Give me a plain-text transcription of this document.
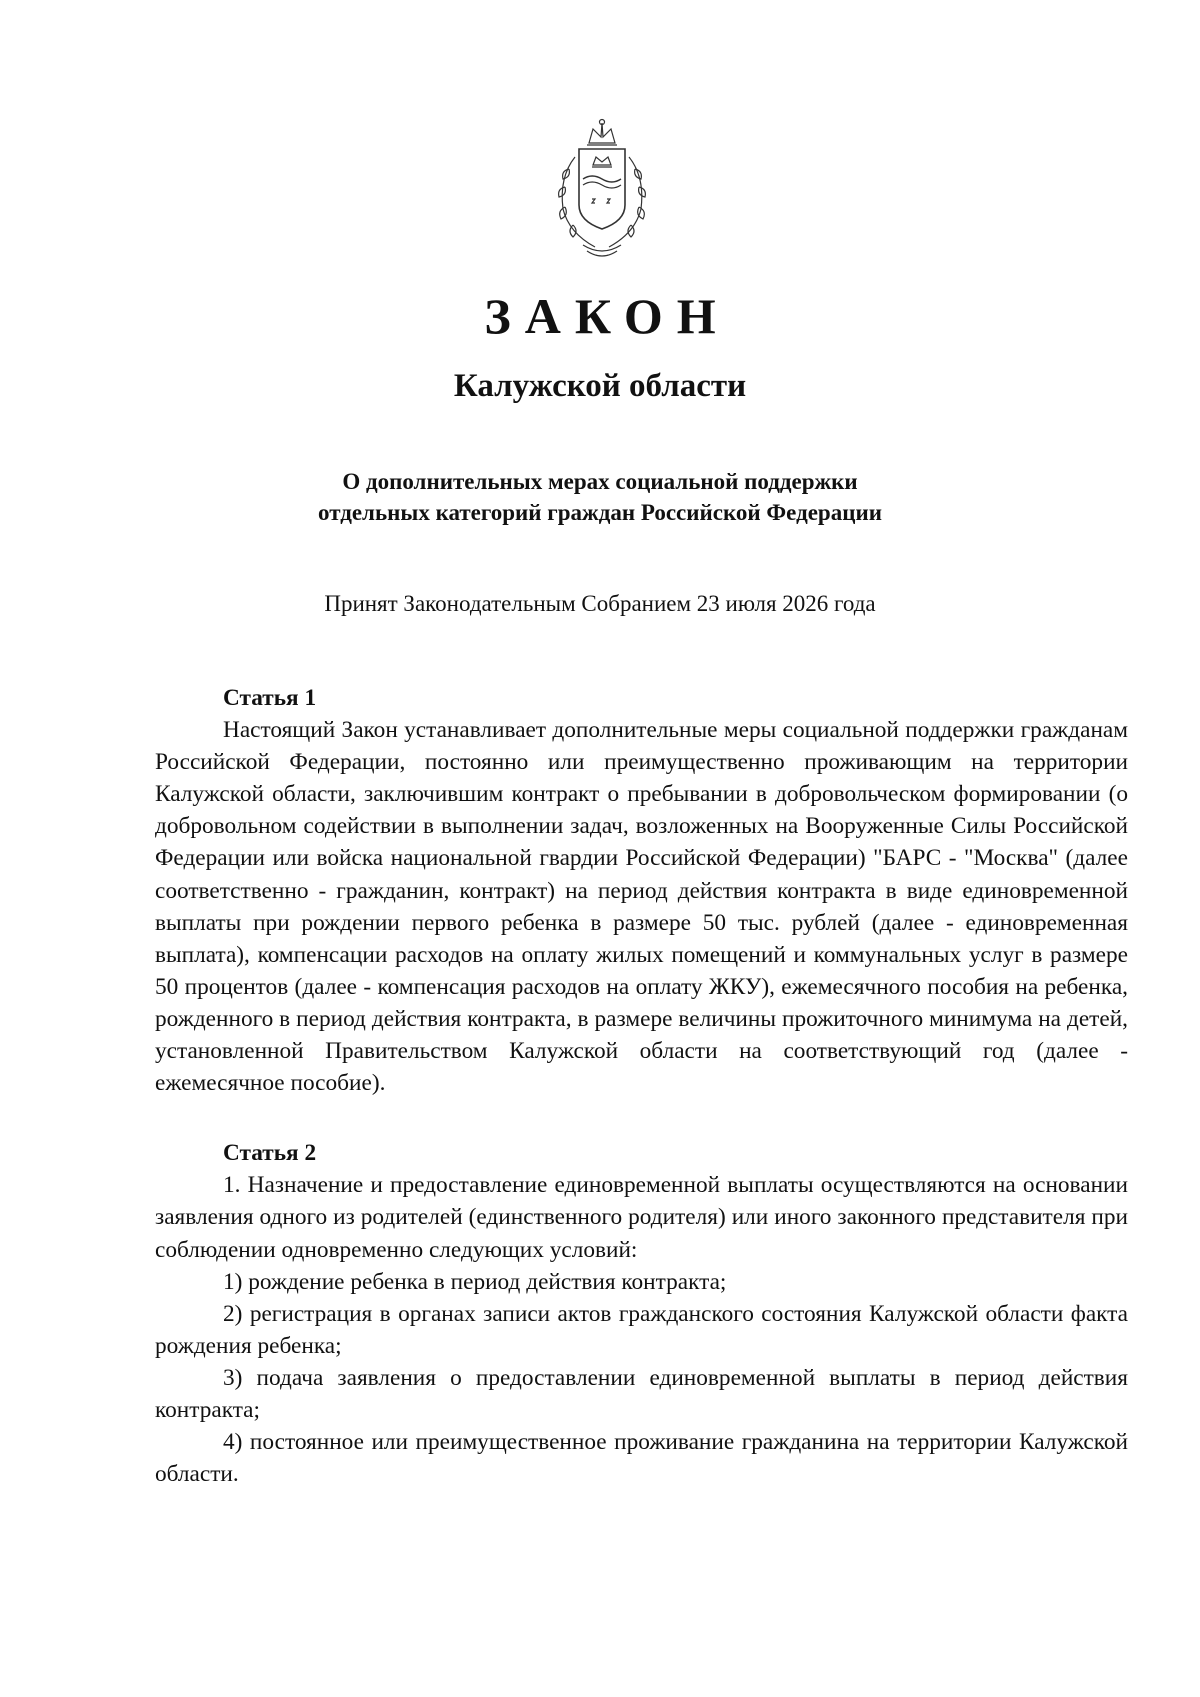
ЗАКОН
Калужской области
О дополнительных мерах социальной поддержки
отдельных категорий граждан Российской Федерации
Принят Законодательным Собранием 23 июля 2026 года

Статья 1

Настоящий Закон устанавливает дополнительные меры социальной поддержки гражданам Российской Федерации, постоянно или преимущественно проживающим на территории Калужской области, заключившим контракт о пребывании в добровольческом формировании (о добровольном содействии в выполнении задач, возложенных на Вооруженные Силы Российской Федерации или войска национальной гвардии Российской Федерации) "БАРС - "Москва" (далее соответственно - гражданин, контракт) на период действия контракта в виде единовременной выплаты при рождении первого ребенка в размере 50 тыс. рублей (далее - единовременная выплата), компенсации расходов на оплату жилых помещений и коммунальных услуг в размере 50 процентов (далее - компенсация расходов на оплату ЖКУ), ежемесячного пособия на ребенка, рожденного в период действия контракта, в размере величины прожиточного минимума на детей, установленной Правительством Калужской области на соответствующий год (далее - ежемесячное пособие).

Статья 2

1. Назначение и предоставление единовременной выплаты осуществляются на основании заявления одного из родителей (единственного родителя) или иного законного представителя при соблюдении одновременно следующих условий:

1) рождение ребенка в период действия контракта;

2) регистрация в органах записи актов гражданского состояния Калужской области факта рождения ребенка;

3) подача заявления о предоставлении единовременной выплаты в период действия контракта;

4) постоянное или преимущественное проживание гражданина на территории Калужской области.
